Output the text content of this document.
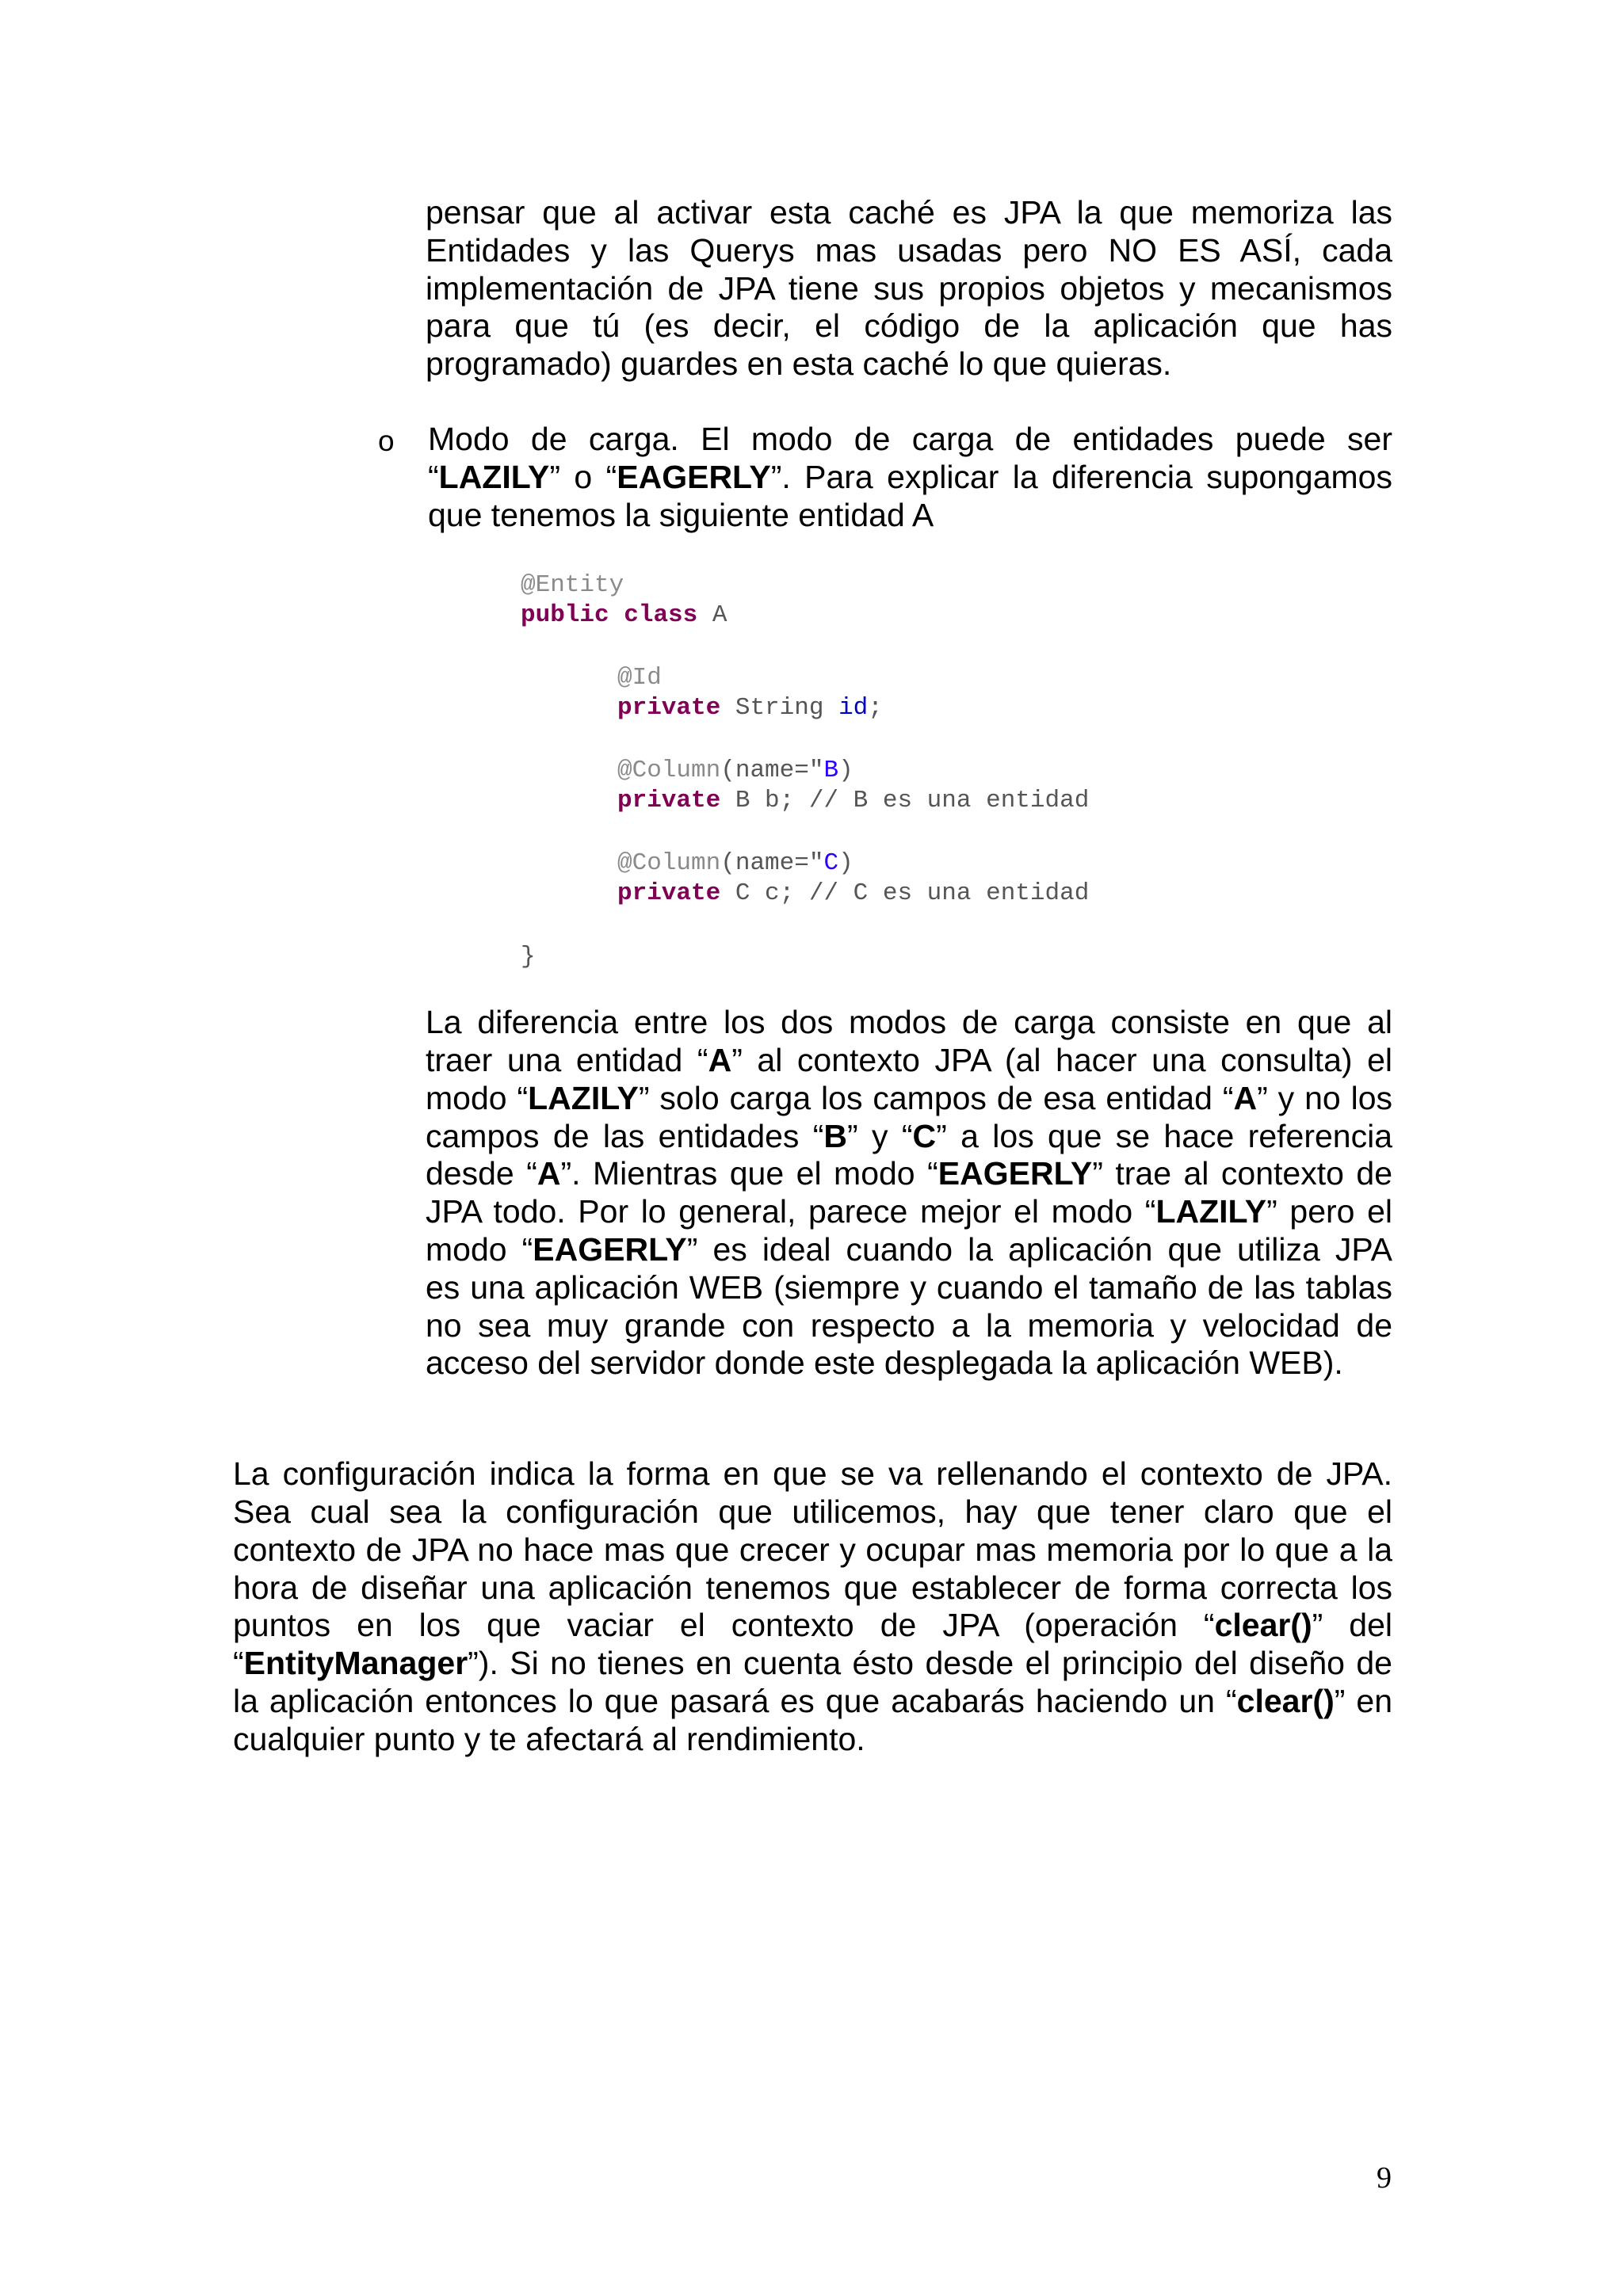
pensar que al activar esta caché es JPA la que memoriza las
Entidades y las Querys mas usadas pero NO ES ASÍ, cada
implementación de JPA tiene sus propios objetos y mecanismos
para que tú (es decir, el código de la aplicación que has
programado) guardes en esta caché lo que quieras.
o Modo de carga. El modo de carga de entidades puede ser
“LAZILY” o “EAGERLY”. Para explicar la diferencia supongamos
que tenemos la siguiente entidad A
@Entity
public class A
@Id
private String id;
@Column(name="B)
private B b; // B es una entidad
@Column(name="C)
private C c; // C es una entidad
}
La diferencia entre los dos modos de carga consiste en que al
traer una entidad “A” al contexto JPA (al hacer una consulta) el
modo “LAZILY” solo carga los campos de esa entidad “A” y no los
campos de las entidades “B” y “C” a los que se hace referencia
desde “A”. Mientras que el modo “EAGERLY” trae al contexto de
JPA todo. Por lo general, parece mejor el modo “LAZILY” pero el
modo “EAGERLY” es ideal cuando la aplicación que utiliza JPA
es una aplicación WEB (siempre y cuando el tamaño de las tablas
no sea muy grande con respecto a la memoria y velocidad de
acceso del servidor donde este desplegada la aplicación WEB).
La configuración indica la forma en que se va rellenando el contexto de JPA.
Sea cual sea la configuración que utilicemos, hay que tener claro que el
contexto de JPA no hace mas que crecer y ocupar mas memoria por lo que a la
hora de diseñar una aplicación tenemos que establecer de forma correcta los
puntos en los que vaciar el contexto de JPA (operación “clear()” del
“EntityManager”). Si no tienes en cuenta ésto desde el principio del diseño de
la aplicación entonces lo que pasará es que acabarás haciendo un “clear()” en
cualquier punto y te afectará al rendimiento.
9
